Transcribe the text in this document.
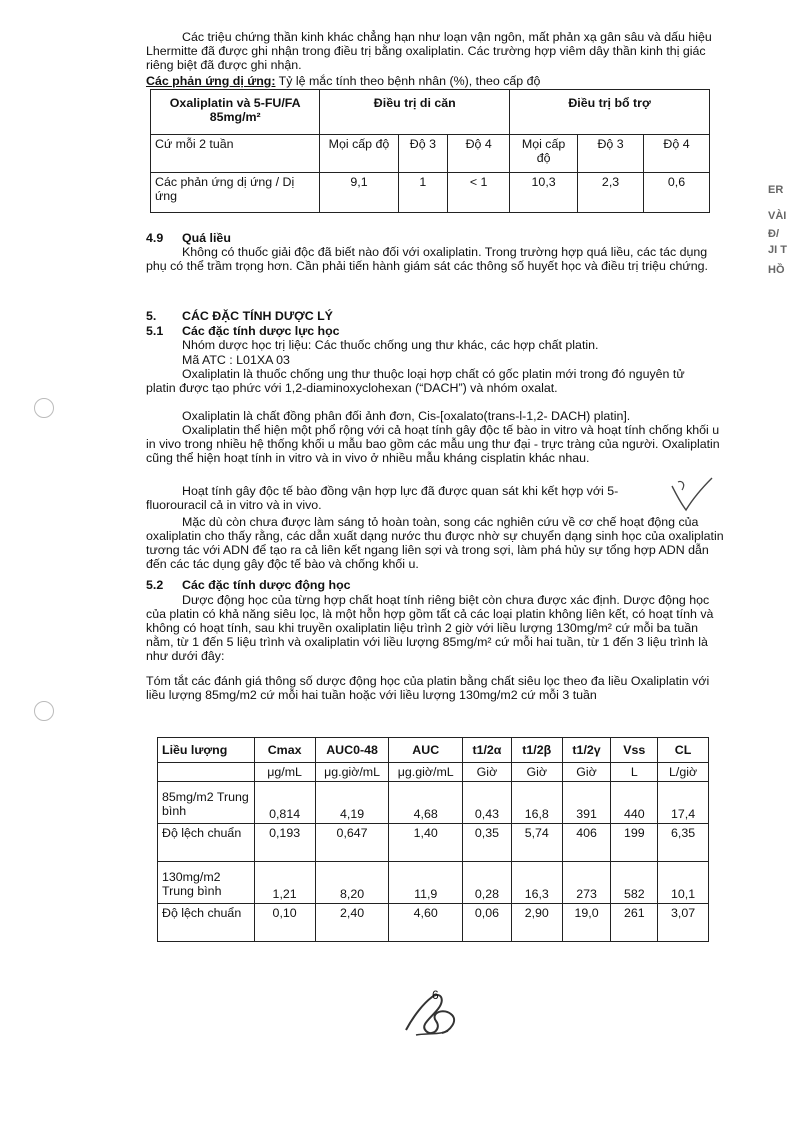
ER
VÀI
Đ/
JI T
HỒ

Các triệu chứng thần kinh khác chẳng hạn như loạn vận ngôn, mất phản xạ gân sâu và dấu hiệu Lhermitte đã được ghi nhận trong điều trị bằng oxaliplatin. Các trường hợp viêm dây thần kinh thị giác riêng biệt đã được ghi nhận.

Các phản ứng dị ứng: Tỷ lệ mắc tính theo bệnh nhân (%), theo cấp độ

Oxaliplatin và 5-FU/FA 85mg/m²	Điều trị di căn			Điều trị bổ trợ		
Cứ mỗi 2 tuần	Mọi cấp độ	Độ 3	Độ 4	Mọi cấp độ	Độ 3	Độ 4
Các phản ứng dị ứng / Dị ứng	9,1	1	< 1	10,3	2,3	0,6
4.9 Quá liều

Không có thuốc giải độc đã biết nào đối với oxaliplatin. Trong trường hợp quá liều, các tác dụng phụ có thể trầm trọng hơn. Cần phải tiến hành giám sát các thông số huyết học và điều trị triệu chứng.

5. CÁC ĐẶC TÍNH DƯỢC LÝ
5.1 Các đặc tính dược lực học

Nhóm dược học trị liệu: Các thuốc chống ung thư khác, các hợp chất platin.

Mã ATC : L01XA 03

Oxaliplatin là thuốc chống ung thư thuộc loại hợp chất có gốc platin mới trong đó nguyên tử platin được tạo phức với 1,2-diaminoxyclohexan (“DACH”) và nhóm oxalat.

Oxaliplatin là chất đồng phân đối ảnh đơn, Cis-[oxalato(trans-l-1,2- DACH) platin].

Oxaliplatin thể hiện một phổ rộng với cả hoạt tính gây độc tế bào in vitro và hoạt tính chống khối u in vivo trong nhiều hệ thống khối u mẫu bao gồm các mẫu ung thư đại - trực tràng của người. Oxaliplatin cũng thể hiện hoạt tính in vitro và in vivo ở nhiều mẫu kháng cisplatin khác nhau.

Hoạt tính gây độc tế bào đồng vận hợp lực đã được quan sát khi kết hợp với 5-fluorouracil cả in vitro và in vivo.

Mặc dù còn chưa được làm sáng tỏ hoàn toàn, song các nghiên cứu về cơ chế hoạt động của oxaliplatin cho thấy rằng, các dẫn xuất dạng nước thu được nhờ sự chuyển dạng sinh học của oxaliplatin tương tác với ADN để tạo ra cả liên kết ngang liên sợi và trong sợi, làm phá hủy sự tổng hợp ADN dẫn đến các tác dụng gây độc tế bào và chống khối u.

5.2 Các đặc tính dược động học

Dược động học của từng hợp chất hoạt tính riêng biệt còn chưa được xác định. Dược động học của platin có khả năng siêu lọc, là một hỗn hợp gồm tất cả các loại platin không liên kết, có hoạt tính và không có hoạt tính, sau khi truyền oxaliplatin liệu trình 2 giờ với liều lượng 130mg/m² cứ mỗi ba tuần nằm, từ 1 đến 5 liệu trình và oxaliplatin với liều lượng 85mg/m² cứ mỗi hai tuần, từ 1 đến 3 liệu trình là như dưới đây:

Tóm tắt các đánh giá thông số dược động học của platin bằng chất siêu lọc theo đa liều Oxaliplatin với liều lượng 85mg/m2 cứ mỗi hai tuần hoặc với liều lượng 130mg/m2 cứ mỗi 3 tuần

Liều lượng	Cmax	AUC0-48	AUC	t1/2α	t1/2β	t1/2γ	Vss	CL
	μg/mL	μg.giờ/mL	μg.giờ/mL	Giờ	Giờ	Giờ	L	L/giờ
85mg/m2 Trung bình	0,814	4,19	4,68	0,43	16,8	391	440	17,4
Độ lệch chuẩn	0,193	0,647	1,40	0,35	5,74	406	199	6,35
130mg/m2 Trung bình	1,21	8,20	11,9	0,28	16,3	273	582	10,1
Độ lệch chuẩn	0,10	2,40	4,60	0,06	2,90	19,0	261	3,07
6
